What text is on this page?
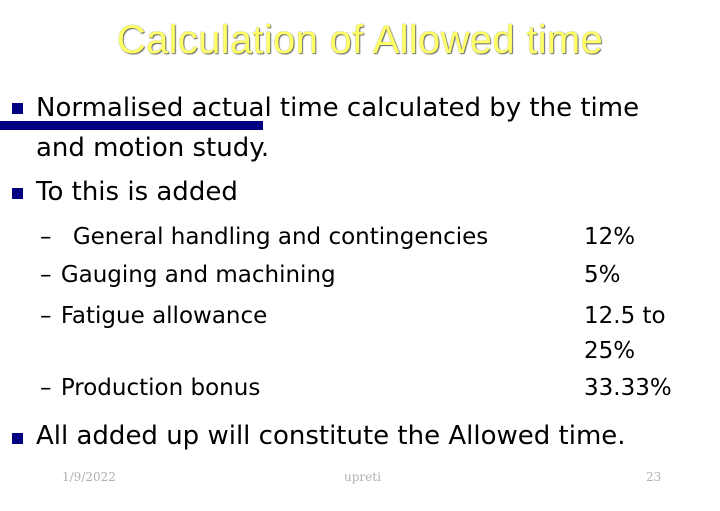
Calculation of Allowed time
Normalised actual time calculated by the time
and motion study.
To this is added
– General handling and contingencies	12%
– Gauging and machining	5%
– Fatigue allowance	12.5 to
25%
– Production bonus	33.33%
All added up will constitute the Allowed time.
1/9/2022	upreti	23
